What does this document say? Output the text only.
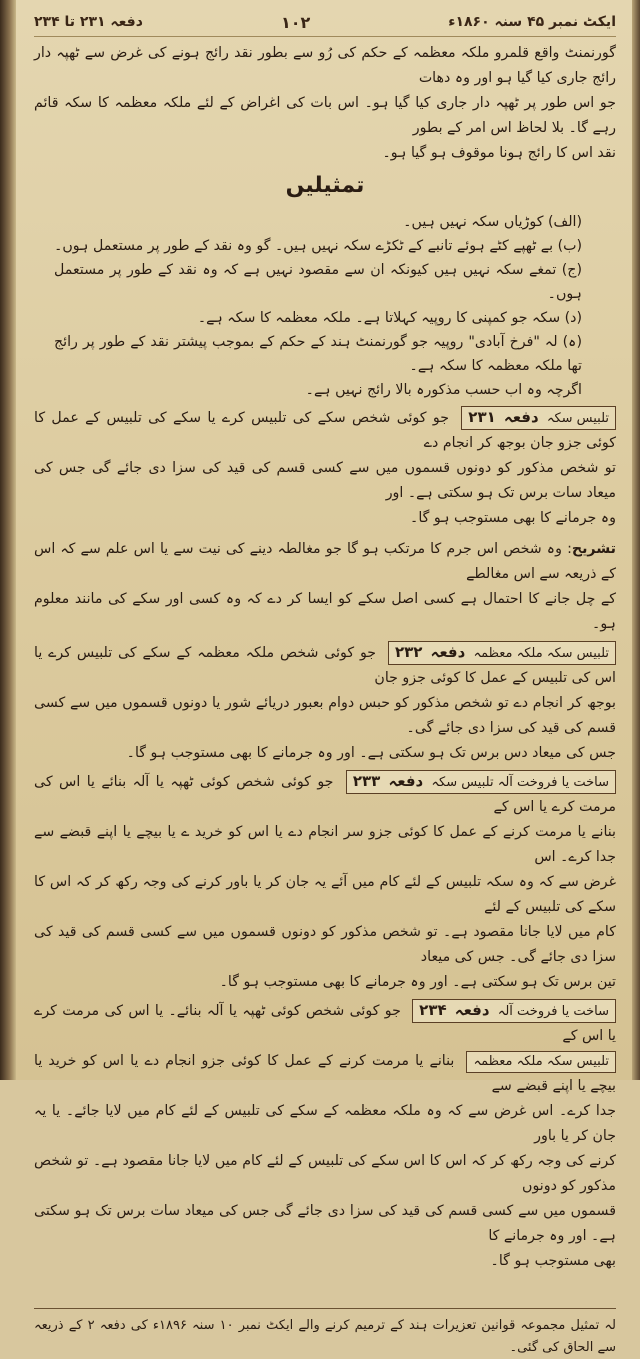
ایکٹ نمبر ۴۵ سنہ ۱۸۶۰ء
۱۰۲
دفعہ ۲۳۱ تا ۲۳۴

گورنمنٹ واقع قلمرو ملکہ معظمہ کے حکم کی رُو سے بطور نقد رائج ہونے کی غرض سے ٹھپہ دار رائج جاری کیا گیا ہو اور وہ دھات

جو اس طور پر ٹھپہ دار جاری کیا گیا ہو۔ اس بات کی اغراض کے لئے ملکہ معظمہ کا سکہ قائم رہے گا۔ بلا لحاظ اس امر کے بطور

نقد اس کا رائج ہونا موقوف ہو گیا ہو۔

تمثیلیں

(الف) کوڑیاں سکہ نہیں ہیں۔

(ب) بے ٹھپے کٹے ہوئے تانبے کے ٹکڑے سکہ نہیں ہیں۔ گو وہ نقد کے طور پر مستعمل ہوں۔

(ج) تمغے سکہ نہیں ہیں کیونکہ ان سے مقصود نہیں ہے کہ وہ نقد کے طور پر مستعمل ہوں۔

(د) سکہ جو کمپنی کا روپیہ کہلاتا ہے۔ ملکہ معظمہ کا سکہ ہے۔

(ہ) لہ "فرخ آبادی" روپیہ جو گورنمنٹ ہند کے حکم کے بموجب پیشتر نقد کے طور پر رائج تھا ملکہ معظمہ کا سکہ ہے۔

اگرچہ وہ اب حسب مذکورہ بالا رائج نہیں ہے۔

تلبیس سکہ دفعہ ۲۳۱ جو کوئی شخص سکے کی تلبیس کرے یا سکے کی تلبیس کے عمل کا کوئی جزو جان بوجھ کر انجام دے

تو شخص مذکور کو دونوں قسموں میں سے کسی قسم کی قید کی سزا دی جائے گی جس کی میعاد سات برس تک ہو سکتی ہے۔ اور

وہ جرمانے کا بھی مستوجب ہو گا۔

تشریح: وہ شخص اس جرم کا مرتکب ہو گا جو مغالطہ دینے کی نیت سے یا اس علم سے کہ اس کے ذریعہ سے اس مغالطے

کے چل جانے کا احتمال ہے کسی اصل سکے کو ایسا کر دے کہ وہ کسی اور سکے کی مانند معلوم ہو۔

تلبیس سکہ ملکہ معظمہ دفعہ ۲۳۲ جو کوئی شخص ملکہ معظمہ کے سکے کی تلبیس کرے یا اس کی تلبیس کے عمل کا کوئی جزو جان

بوجھ کر انجام دے تو شخص مذکور کو حبس دوام بعبور دریائے شور یا دونوں قسموں میں سے کسی قسم کی قید کی سزا دی جائے گی۔

جس کی میعاد دس برس تک ہو سکتی ہے۔ اور وہ جرمانے کا بھی مستوجب ہو گا۔

ساخت یا فروخت آلہ تلبیس سکہ دفعہ ۲۳۳ جو کوئی شخص کوئی ٹھپہ یا آلہ بنائے یا اس کی مرمت کرے یا اس کے

بنانے یا مرمت کرنے کے عمل کا کوئی جزو سر انجام دے یا اس کو خرید ے یا بیچے یا اپنے قبضے سے جدا کرے۔ اس

غرض سے کہ وہ سکہ تلبیس کے لئے کام میں آئے یہ جان کر یا باور کرنے کی وجہ رکھ کر کہ اس کا سکے کی تلبیس کے لئے

کام میں لایا جانا مقصود ہے۔ تو شخص مذکور کو دونوں قسموں میں سے کسی قسم کی قید کی سزا دی جائے گی۔ جس کی میعاد

تین برس تک ہو سکتی ہے۔ اور وہ جرمانے کا بھی مستوجب ہو گا۔

ساخت یا فروخت آلہ دفعہ ۲۳۴ جو کوئی شخص کوئی ٹھپہ یا آلہ بنائے۔ یا اس کی مرمت کرے یا اس کے

تلبیس سکہ ملکہ معظمہ بنانے یا مرمت کرنے کے عمل کا کوئی جزو انجام دے یا اس کو خرید یا بیچے یا اپنے قبضے سے

جدا کرے۔ اس غرض سے کہ وہ ملکہ معظمہ کے سکے کی تلبیس کے لئے کام میں لایا جائے۔ یا یہ جان کر یا باور

کرنے کی وجہ رکھ کر کہ اس کا اس سکے کی تلبیس کے لئے کام میں لایا جانا مقصود ہے۔ تو شخص مذکور کو دونوں

قسموں میں سے کسی قسم کی قید کی سزا دی جائے گی جس کی میعاد سات برس تک ہو سکتی ہے۔ اور وہ جرمانے کا

بھی مستوجب ہو گا۔

لہ تمثیل مجموعہ قوانین تعزیرات ہند کے ترمیم کرنے والے ایکٹ نمبر ۱۰ سنہ ۱۸۹۶ء کی دفعہ ۲ کے ذریعہ سے الحاق کی گئی۔
